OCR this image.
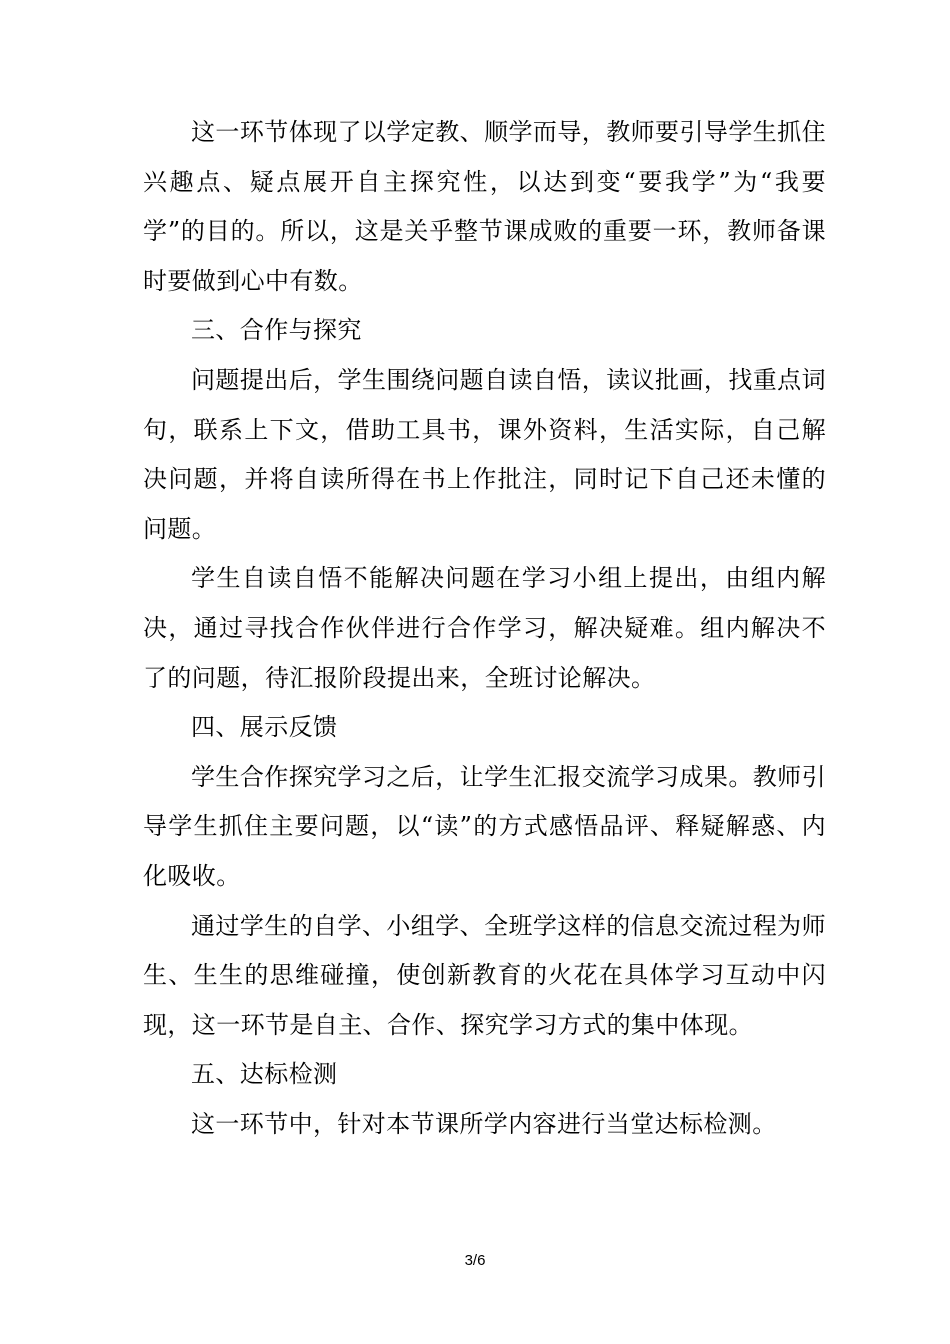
这一环节体现了以学定教、顺学而导，教师要引导学生抓住兴趣点、疑点展开自主探究性，以达到变“要我学”为“我要学”的目的。所以，这是关乎整节课成败的重要一环，教师备课时要做到心中有数。

三、合作与探究

问题提出后，学生围绕问题自读自悟，读议批画，找重点词句，联系上下文，借助工具书，课外资料，生活实际，自己解决问题，并将自读所得在书上作批注，同时记下自己还未懂的问题。

学生自读自悟不能解决问题在学习小组上提出，由组内解决，通过寻找合作伙伴进行合作学习，解决疑难。组内解决不了的问题，待汇报阶段提出来，全班讨论解决。

四、展示反馈

学生合作探究学习之后，让学生汇报交流学习成果。教师引导学生抓住主要问题，以“读”的方式感悟品评、释疑解惑、内化吸收。

通过学生的自学、小组学、全班学这样的信息交流过程为师生、生生的思维碰撞，使创新教育的火花在具体学习互动中闪现，这一环节是自主、合作、探究学习方式的集中体现。

五、达标检测

这一环节中，针对本节课所学内容进行当堂达标检测。

3/6
